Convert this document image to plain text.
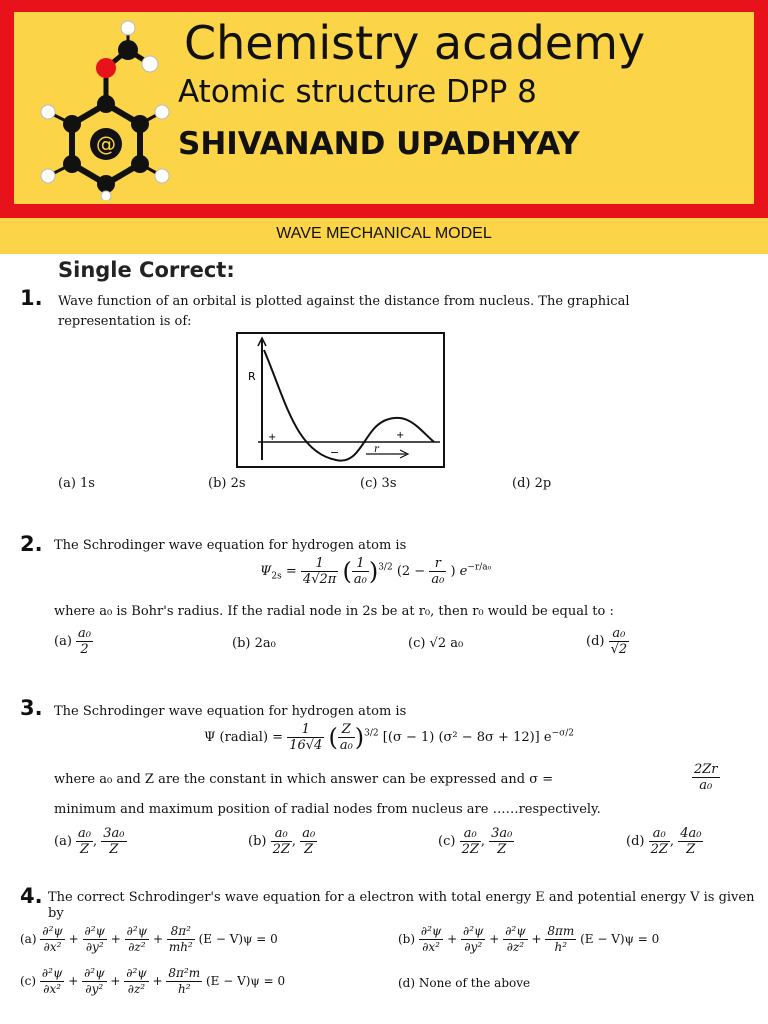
@
Chemistry academy
Atomic structure DPP 8
SHIVANAND UPADHYAY
WAVE MECHANICAL MODEL
Single Correct:
1. Wave function of an orbital is plotted against the distance from nucleus. The graphical representation is of:
R
r
+	+
−
(a) 1s	(b) 2s	(c) 3s	(d) 2p
2. The Schrodinger wave equation for hydrogen atom is
$\Psi_{2s} = \frac{1}{4√2\pi}$ ( $\frac{1}{\text{a₀}} )^{3/2}$ ($2 - \frac{r}{\text{a₀}}$ ) $e^{-r/a_0}$
where a₀ is Bohr's radius. If the radial node in 2s be at r₀, then r₀ would be equal to :
$(a) \frac{\text{a₀}}{2}$	(b) 2a₀	(c) √2 a₀	$(d) \frac{\text{a₀}}{√2}$
3. The Schrodinger wave equation for hydrogen atom is
Ψ (radial) = $\frac{1}{16√4}$ ( $\frac{Z}{\text{a₀}} )^{3/2}$ [(σ − 1) (σ² − 8σ + 12)] $e^{-\sigma/2}$
where a₀ and Z are the constant in which answer can be expressed and σ =	$\frac{2Zr}{\text{a₀}}$
minimum and maximum position of radial nodes from nucleus are ……respectively.
$(a) \frac{\text{a₀}}{Z}$ , $\frac{\text{3a₀}}{Z}$	$(b) \frac{\text{a₀}}{2Z}$ , $\frac{\text{a₀}}{Z}$	$(c) \frac{\text{a₀}}{2Z}$ , $\frac{\text{3a₀}}{Z}$	$(d) \frac{\text{a₀}}{2Z}$ , $\frac{\text{4a₀}}{Z}$
4. The correct Schrodinger's wave equation for a electron with total energy E and potential energy V is given by
$(a) \frac{\text{∂²ψ}}{\text{∂x²}} + \frac{\text{∂²ψ}}{\text{∂y²}} + \frac{\text{∂²ψ}}{\text{∂z²}} + \frac{\text{8π²}}{\text{mh²}} (E - V)\psi = 0$	$(b) \frac{\text{∂²ψ}}{\text{∂x²}} + \frac{\text{∂²ψ}}{\text{∂y²}} + \frac{\text{∂²ψ}}{\text{∂z²}} + \frac{8\pi m}{\text{h²}} (E - V)\psi = 0$
$(c) \frac{\text{∂²ψ}}{\text{∂x²}} + \frac{\text{∂²ψ}}{\text{∂y²}} + \frac{\text{∂²ψ}}{\text{∂z²}} + \frac{\text{8π²m}}{\text{h²}} (E - V)\psi = 0$	(d) None of the above
